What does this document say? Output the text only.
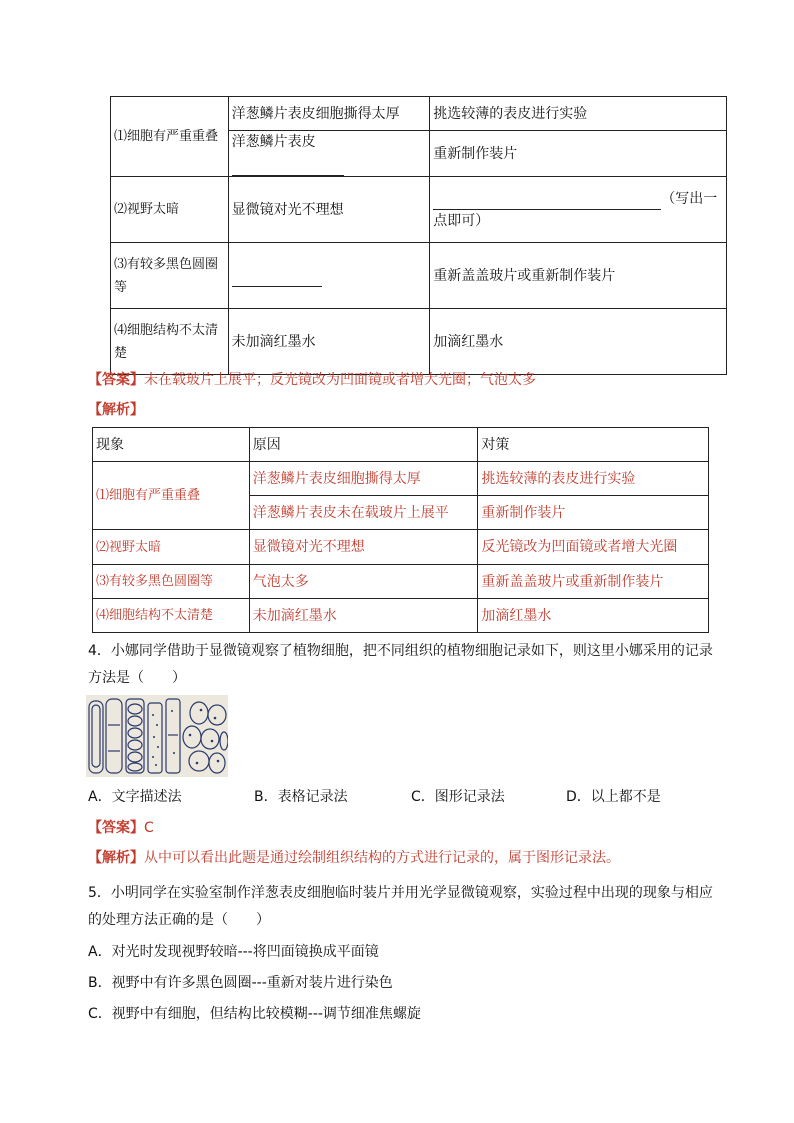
⑴细胞有严重重叠	洋葱鳞片表皮细胞撕得太厚	挑选较薄的表皮进行实验
	洋葱鳞片表皮	重新制作装片
⑵视野太暗	显微镜对光不理想	（写出一
点即可）
⑶有较多黑色圆圈
等		重新盖盖玻片或重新制作装片
⑷细胞结构不太清
楚	未加滴红墨水	加滴红墨水
【答案】未在载玻片上展平；反光镜改为凹面镜或者增大光圈；气泡太多
【解析】
现象	原因	对策
⑴细胞有严重重叠	洋葱鳞片表皮细胞撕得太厚	挑选较薄的表皮进行实验
	洋葱鳞片表皮未在载玻片上展平	重新制作装片
⑵视野太暗	显微镜对光不理想	反光镜改为凹面镜或者增大光圈
⑶有较多黑色圆圈等	气泡太多	重新盖盖玻片或重新制作装片
⑷细胞结构不太清楚	未加滴红墨水	加滴红墨水
4．小娜同学借助于显微镜观察了植物细胞，把不同组织的植物细胞记录如下，则这里小娜采用的记录
方法是（　　）
A．文字描述法	B．表格记录法	C．图形记录法	D．以上都不是
【答案】C
【解析】从中可以看出此题是通过绘制组织结构的方式进行记录的，属于图形记录法。
5．小明同学在实验室制作洋葱表皮细胞临时装片并用光学显微镜观察，实验过程中出现的现象与相应
的处理方法正确的是（　　）
A．对光时发现视野较暗---将凹面镜换成平面镜
B．视野中有许多黑色圆圈---重新对装片进行染色
C．视野中有细胞，但结构比较模糊---调节细准焦螺旋
